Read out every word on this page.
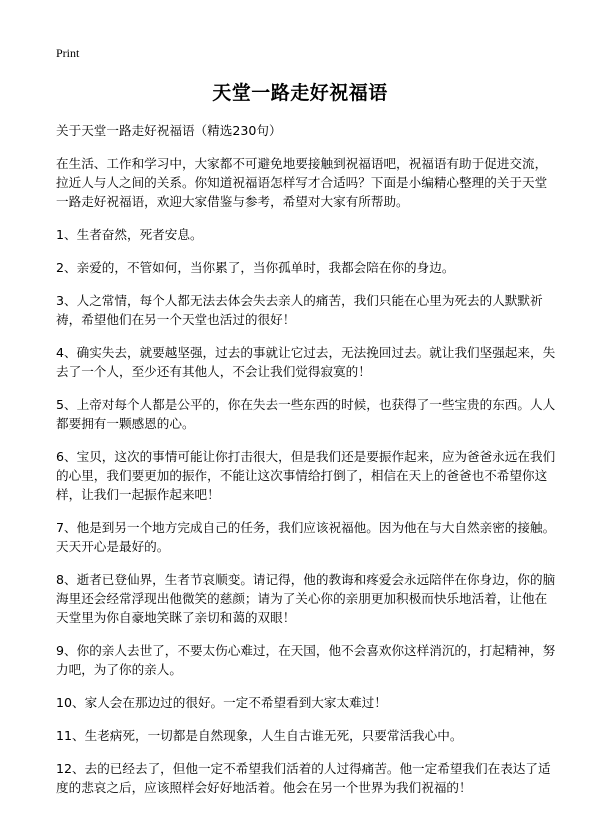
Print
天堂一路走好祝福语

关于天堂一路走好祝福语（精选230句）

在生活、工作和学习中，大家都不可避免地要接触到祝福语吧，祝福语有助于促进交流，拉近人与人之间的关系。你知道祝福语怎样写才合适吗？下面是小编精心整理的关于天堂一路走好祝福语，欢迎大家借鉴与参考，希望对大家有所帮助。

1、生者奋然，死者安息。

2、亲爱的，不管如何，当你累了，当你孤单时，我都会陪在你的身边。

3、人之常情，每个人都无法去体会失去亲人的痛苦，我们只能在心里为死去的人默默祈祷，希望他们在另一个天堂也活过的很好！

4、确实失去，就要越坚强，过去的事就让它过去，无法挽回过去。就让我们坚强起来，失去了一个人，至少还有其他人，不会让我们觉得寂寞的！

5、上帝对每个人都是公平的，你在失去一些东西的时候，也获得了一些宝贵的东西。人人都要拥有一颗感恩的心。

6、宝贝，这次的事情可能让你打击很大，但是我们还是要振作起来，应为爸爸永远在我们的心里，我们要更加的振作，不能让这次事情给打倒了，相信在天上的爸爸也不希望你这样，让我们一起振作起来吧！

7、他是到另一个地方完成自己的任务，我们应该祝福他。因为他在与大自然亲密的接触。天天开心是最好的。

8、逝者已登仙界，生者节哀顺变。请记得，他的教诲和疼爱会永远陪伴在你身边，你的脑海里还会经常浮现出他微笑的慈颜；请为了关心你的亲朋更加积极而快乐地活着，让他在天堂里为你自豪地笑眯了亲切和蔼的双眼！

9、你的亲人去世了，不要太伤心难过，在天国，他不会喜欢你这样消沉的，打起精神，努力吧，为了你的亲人。

10、家人会在那边过的很好。一定不希望看到大家太难过！

11、生老病死，一切都是自然现象，人生自古谁无死，只要常活我心中。

12、去的已经去了，但他一定不希望我们活着的人过得痛苦。他一定希望我们在表达了适度的悲哀之后，应该照样会好好地活着。他会在另一个世界为我们祝福的！
